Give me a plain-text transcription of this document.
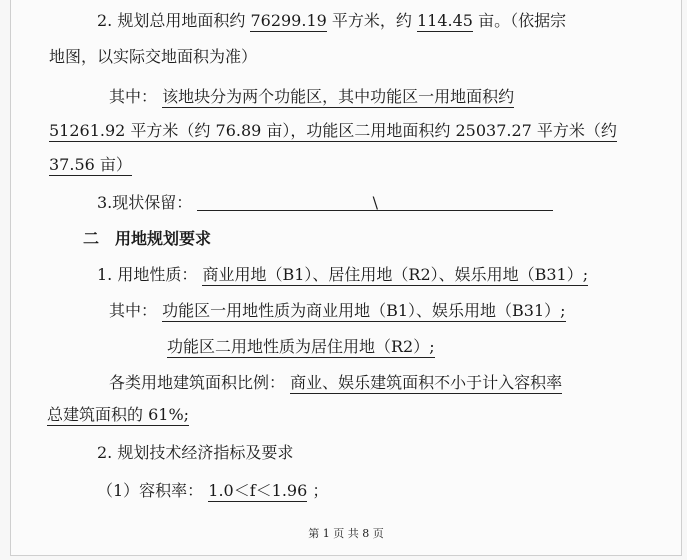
2. 规划总用地面积约 76299.19 平方米，约 114.45 亩。（依据宗
地图，以实际交地面积为准）
其中： 该地块分为两个功能区，其中功能区一用地面积约
51261.92 平方米（约 76.89 亩），功能区二用地面积约 25037.27 平方米（约
37.56 亩）
3.现状保留：	\
二　用地规划要求
1. 用地性质： 商业用地（B1）、居住用地（R2）、娱乐用地（B31）;
其中： 功能区一用地性质为商业用地（B1）、娱乐用地（B31）;
功能区二用地性质为居住用地（R2）;
各类用地建筑面积比例： 商业、娱乐建筑面积不小于计入容积率
总建筑面积的 61%;
2. 规划技术经济指标及要求
（1）容积率： 1.0＜f＜1.96 ；
第 1 页 共 8 页
